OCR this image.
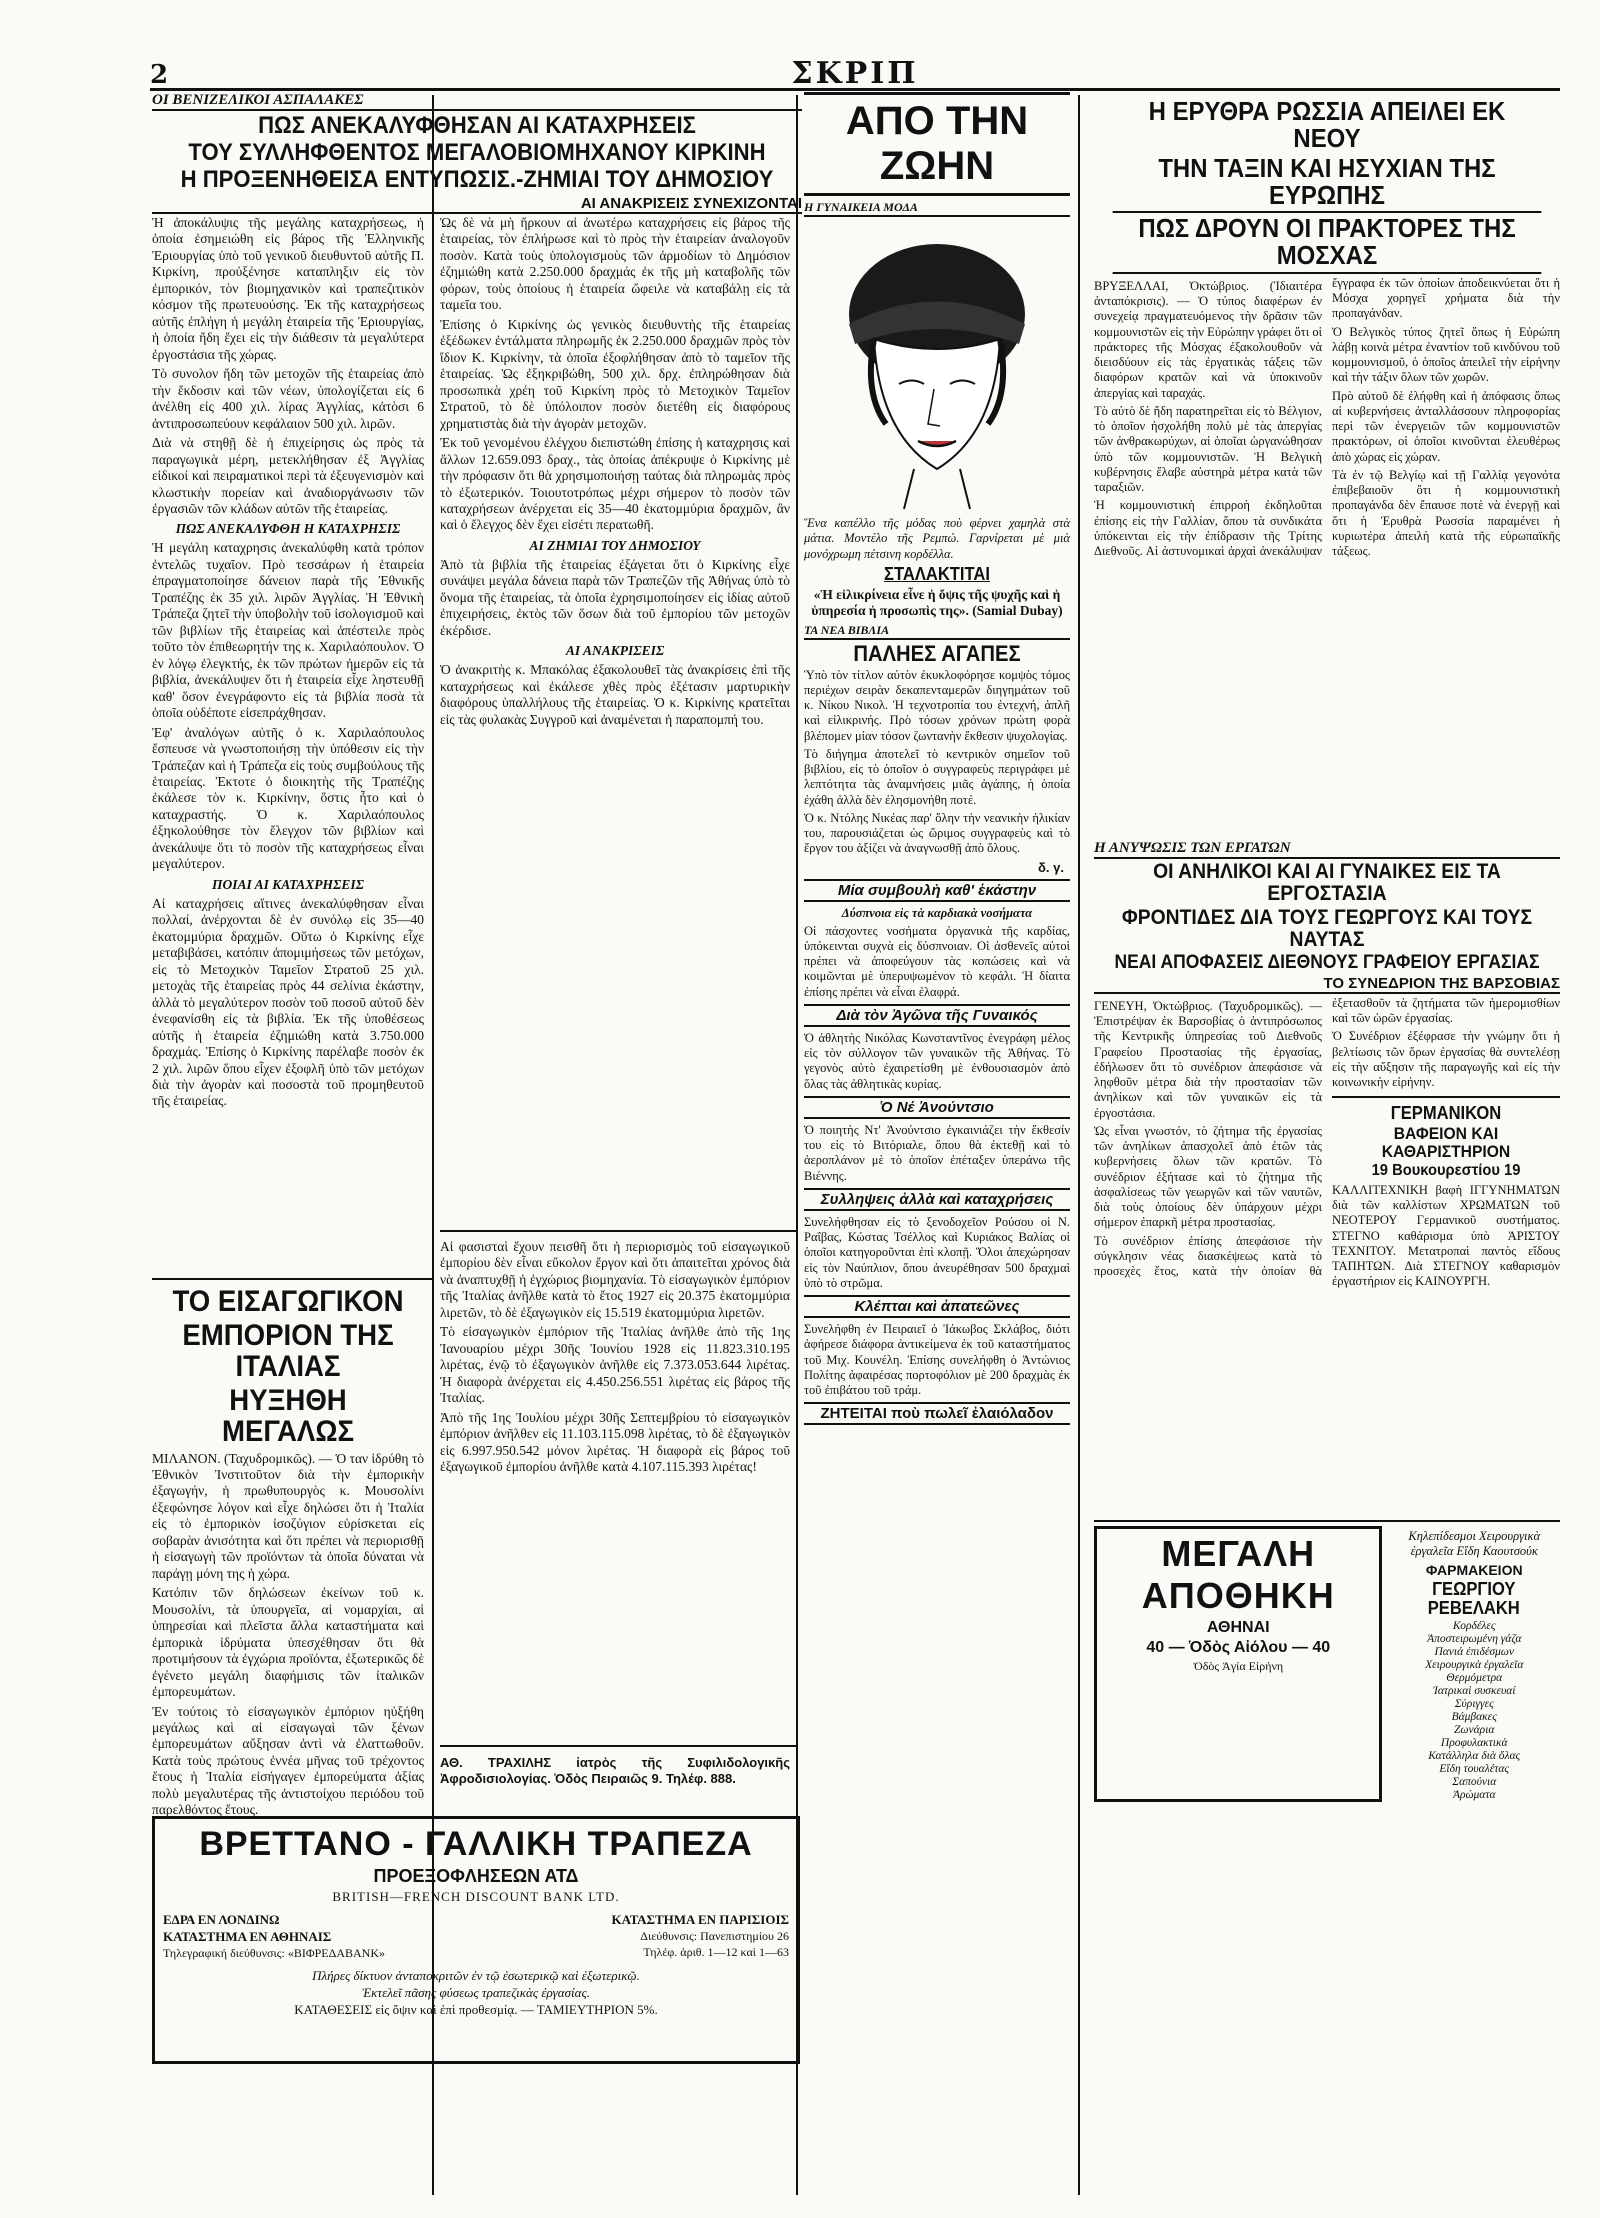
2	ΣΚΡΙΠ
ΟΙ ΒΕΝΙΖΕΛΙΚΟΙ ΑΣΠΑΛΑΚΕΣ
ΠΩΣ ΑΝΕΚΑΛΥΦΘΗΣΑΝ ΑΙ ΚΑΤΑΧΡΗΣΕΙΣ
ΤΟΥ ΣΥΛΛΗΦΘΕΝΤΟΣ ΜΕΓΑΛΟΒΙΟΜΗΧΑΝΟΥ ΚΙΡΚΙΝΗ
Η ΠΡΟΞΕΝΗΘΕΙΣΑ ΕΝΤΥΠΩΣΙΣ.-ΖΗΜΙΑΙ ΤΟΥ ΔΗΜΟΣΙΟΥ
ΑΙ ΑΝΑΚΡΙΣΕΙΣ ΣΥΝΕΧΙΖΟΝΤΑΙ

Ἡ ἀποκάλυψις τῆς μεγάλης καταχρήσεως, ἡ ὁποία ἐσημειώθη εἰς βάρος τῆς Ἑλληνικῆς Ἐριουργίας ὑπὸ τοῦ γενικοῦ διευθυντοῦ αὐτῆς Π. Κιρκίνη, προὐξένησε καταπληξιν εἰς τὸν ἐμπορικόν, τὸν βιομηχανικὸν καὶ τραπεζιτικὸν κόσμον τῆς πρωτευούσης. Ἐκ τῆς καταχρήσεως αὐτῆς ἐπλήγη ἡ μεγάλη ἑταιρεία τῆς Ἐριουργίας, ἡ ὁποία ἤδη ἔχει εἰς τὴν διάθεσιν τὰ μεγαλύτερα ἐργοστάσια τῆς χώρας.

Τὸ συνολον ἤδη τῶν μετοχῶν τῆς ἑταιρείας ἀπὸ τὴν ἔκδοσιν καὶ τῶν νέων, ὑπολογίζεται εἰς 6 ἀνέλθη εἰς 400 χιλ. λίρας Ἀγγλίας, κἀτὸσι 6 ἀντιπροσωπεύουν κεφάλαιον 500 χιλ. λιρῶν.

Διὰ νὰ στηθῇ δὲ ἡ ἐπιχείρησις ὡς πρὸς τὰ παραγωγικὰ μέρη, μετεκλήθησαν ἐξ Ἀγγλίας εἰδικοί καὶ πειραματικοὶ περὶ τὰ ἐξευγενισμὸν καὶ κλωστικὴν πορείαν καὶ ἀναδιοργάνωσιν τῶν ἐργασιῶν τῶν κλάδων αὐτῶν τῆς ἑταιρείας.

ΠΩΣ ΑΝΕΚΑΛΥΦΘΗ Η ΚΑΤΑΧΡΗΣΙΣ

Ἡ μεγάλη καταχρησις ἀνεκαλύφθη κατὰ τρόπον ἐντελῶς τυχαῖον. Πρὸ τεσσάρων ἡ ἑταιρεία ἐπραγματοποίησε δάνειον παρὰ τῆς Ἐθνικῆς Τραπέζης ἐκ 35 χιλ. λιρῶν Ἀγγλίας. Ἡ Ἐθνικὴ Τράπεζα ζητεῖ τὴν ὑποβολὴν τοῦ ἰσολογισμοῦ καὶ τῶν βιβλίων τῆς ἑταιρείας καὶ ἀπέστειλε πρὸς τοῦτο τὸν ἐπιθεωρητήν της κ. Χαριλαόπουλον. Ὁ ἐν λόγῳ ἐλεγκτής, ἐκ τῶν πρώτων ἡμερῶν εἰς τὰ βιβλία, ἀνεκάλυψεν ὅτι ἡ ἑταιρεία εἶχε ληστευθῇ καθ' ὅσον ἐνεγράφοντο εἰς τὰ βιβλία ποσὰ τὰ ὁποῖα οὐδέποτε εἰσεπράχθησαν.

Ἐφ' ἀναλόγων αὐτῆς ὁ κ. Χαριλαόπουλος ἔσπευσε νὰ γνωστοποιήσῃ τὴν ὑπόθεσιν εἰς τὴν Τράπεζαν καὶ ἡ Τράπεζα εἰς τοὺς συμβούλους τῆς ἑταιρείας. Ἐκτοτε ὁ διοικητὴς τῆς Τραπέζης ἐκάλεσε τὸν κ. Κιρκίνην, ὅστις ἦτο καὶ ὁ καταχραστής. Ὁ κ. Χαριλαόπουλος ἐξηκολούθησε τὸν ἔλεγχον τῶν βιβλίων καὶ ἀνεκάλυψε ὅτι τὸ ποσὸν τῆς καταχρήσεως εἶναι μεγαλύτερον.

ΠΟΙΑΙ ΑΙ ΚΑΤΑΧΡΗΣΕΙΣ

Αἱ καταχρήσεις αἵτινες ἀνεκαλύφθησαν εἶναι πολλαί, ἀνέρχονται δὲ ἐν συνόλῳ εἰς 35—40 ἑκατομμύρια δραχμῶν. Οὕτω ὁ Κιρκίνης εἶχε μεταβιβάσει, κατόπιν ἀπομιμήσεως τῶν μετόχων, εἰς τὸ Μετοχικὸν Ταμεῖον Στρατοῦ 25 χιλ. μετοχὰς τῆς ἑταιρείας πρὸς 44 σελίνια ἑκάστην, ἀλλὰ τὸ μεγαλύτερον ποσὸν τοῦ ποσοῦ αὐτοῦ δὲν ἐνεφανίσθη εἰς τὰ βιβλία. Ἐκ τῆς ὑποθέσεως αὐτῆς ἡ ἑταιρεία ἐζημιώθη κατὰ 3.750.000 δραχμάς. Ἐπίσης ὁ Κιρκίνης παρέλαβε ποσὸν ἐκ 2 χιλ. λιρῶν ὅπου εἶχεν ἐξοφλῆ ὑπὸ τῶν μετόχων διὰ τὴν ἀγορὰν καὶ ποσοστὰ τοῦ προμηθευτοῦ τῆς ἑταιρείας.

Ὡς δὲ νὰ μὴ ἤρκουν αἱ ἀνωτέρω καταχρήσεις εἰς βάρος τῆς ἑταιρείας, τὸν ἐπλήρωσε καὶ τὸ πρὸς τὴν ἑταιρείαν ἀναλογοῦν ποσὸν. Κατὰ τοὺς ὑπολογισμοὺς τῶν ἀρμοδίων τὸ Δημόσιον ἐζημιώθη κατὰ 2.250.000 δραχμάς ἐκ τῆς μὴ καταβολῆς τῶν φόρων, τοὺς ὁποίους ἡ ἑταιρεία ὤφειλε νὰ καταβάλῃ εἰς τὰ ταμεῖα του.

Ἐπίσης ὁ Κιρκίνης ὡς γενικὸς διευθυντὴς τῆς ἑταιρείας ἐξέδωκεν ἐντάλματα πληρωμῆς ἐκ 2.250.000 δραχμῶν πρὸς τὸν ἴδιον Κ. Κιρκίνην, τὰ ὁποῖα ἐξοφλήθησαν ἀπὸ τὸ ταμεῖον τῆς ἑταιρείας. Ὡς ἐξηκριβώθη, 500 χιλ. δρχ. ἐπληρώθησαν διὰ προσωπικὰ χρέη τοῦ Κιρκίνη πρὸς τὸ Μετοχικὸν Ταμεῖον Στρατοῦ, τὸ δὲ ὑπόλοιπον ποσὸν διετέθη εἰς διαφόρους χρηματιστὰς διὰ τὴν ἀγορὰν μετοχῶν.

Ἐκ τοῦ γενομένου ἐλέγχου διεπιστώθη ἐπίσης ἡ καταχρησις καὶ ἄλλων 12.659.093 δραχ., τὰς ὁποίας ἀπέκρυψε ὁ Κιρκίνης μὲ τὴν πρόφασιν ὅτι θὰ χρησιμοποιήσῃ ταύτας διὰ πληρωμὰς πρὸς τὸ ἐξωτερικόν. Τοιουτοτρόπως μέχρι σήμερον τὸ ποσὸν τῶν καταχρήσεων ἀνέρχεται εἰς 35—40 ἑκατομμύρια δραχμῶν, ἂν καὶ ὁ ἔλεγχος δὲν ἔχει εἰσέτι περατωθῆ.

ΑΙ ΖΗΜΙΑΙ ΤΟΥ ΔΗΜΟΣΙΟΥ

Ἀπὸ τὰ βιβλία τῆς ἑταιρείας ἐξάγεται ὅτι ὁ Κιρκίνης εἶχε συνάψει μεγάλα δάνεια παρὰ τῶν Τραπεζῶν τῆς Ἀθήνας ὑπὸ τὸ ὄνομα τῆς ἑταιρείας, τὰ ὁποῖα ἐχρησιμοποίησεν εἰς ἰδίας αὐτοῦ ἐπιχειρήσεις, ἐκτὸς τῶν ὅσων διὰ τοῦ ἐμπορίου τῶν μετοχῶν ἐκέρδισε.

ΑΙ ΑΝΑΚΡΙΣΕΙΣ

Ὁ ἀνακριτὴς κ. Μπακόλας ἐξακολουθεῖ τὰς ἀνακρίσεις ἐπὶ τῆς καταχρήσεως καὶ ἐκάλεσε χθὲς πρὸς ἐξέτασιν μαρτυρικὴν διαφόρους ὑπαλλήλους τῆς ἑταιρείας. Ὁ κ. Κιρκίνης κρατεῖται εἰς τὰς φυλακὰς Συγγροῦ καὶ ἀναμένεται ἡ παραπομπή του.

ΤΟ ΕΙΣΑΓΩΓΙΚΟΝ
ΕΜΠΟΡΙΟΝ ΤΗΣ ΙΤΑΛΙΑΣ
ΗΥΞΗΘΗ ΜΕΓΑΛΩΣ

ΜΙΛΑΝΟΝ. (Ταχυδρομικῶς). — Ὁ ταν ἱδρύθη τὸ Ἐθνικὸν Ἰνστιτοῦτον διὰ τὴν ἐμπορικὴν ἐξαγωγήν, ἡ πρωθυπουργὸς κ. Μουσολίνι ἐξεφώνησε λόγον καὶ εἶχε δηλώσει ὅτι ἡ Ἰταλία εἰς τὸ ἐμπορικὸν ἰσοζύγιον εὑρίσκεται εἰς σοβαρὰν ἀνισότητα καὶ ὅτι πρέπει νὰ περιορισθῇ ἡ εἰσαγωγὴ τῶν προϊόντων τὰ ὁποῖα δύναται νὰ παράγῃ μόνη της ἡ χώρα.

Κατόπιν τῶν δηλώσεων ἐκείνων τοῦ κ. Μουσολίνι, τὰ ὑπουργεῖα, αἱ νομαρχίαι, αἱ ὑπηρεσίαι καὶ πλεῖστα ἄλλα καταστήματα καὶ ἐμπορικὰ ἱδρύματα ὑπεσχέθησαν ὅτι θὰ προτιμήσουν τὰ ἐγχώρια προϊόντα, ἐξωτερικῶς δὲ ἐγένετο μεγάλη διαφήμισις τῶν ἰταλικῶν ἐμπορευμάτων.

Ἐν τούτοις τὸ εἰσαγωγικὸν ἐμπόριον ηὐξήθη μεγάλως καὶ αἱ εἰσαγωγαὶ τῶν ξένων ἐμπορευμάτων αὔξησαν ἀντὶ νὰ ἐλαττωθοῦν. Κατὰ τοὺς πρώτους ἐννέα μῆνας τοῦ τρέχοντος ἔτους ἡ Ἰταλία εἰσήγαγεν ἐμπορεύματα ἀξίας πολὺ μεγαλυτέρας τῆς ἀντιστοίχου περιόδου τοῦ παρελθόντος ἔτους.

Αἱ φασισταὶ ἔχουν πεισθῆ ὅτι ἡ περιορισμὸς τοῦ εἰσαγωγικοῦ ἐμπορίου δὲν εἶναι εὔκολον ἔργον καὶ ὅτι ἀπαιτεῖται χρόνος διὰ νὰ ἀναπτυχθῇ ἡ ἐγχώριος βιομηχανία. Τὸ εἰσαγωγικὸν ἐμπόριον τῆς Ἰταλίας ἀνῆλθε κατὰ τὸ ἔτος 1927 εἰς 20.375 ἑκατομμύρια λιρετῶν, τὸ δὲ ἐξαγωγικὸν εἰς 15.519 ἑκατομμύρια λιρετῶν.

Τὸ εἰσαγωγικὸν ἐμπόριον τῆς Ἰταλίας ἀνῆλθε ἀπὸ τῆς 1ης Ἰανουαρίου μέχρι 30ῆς Ἰουνίου 1928 εἰς 11.823.310.195 λιρέτας, ἐνῷ τὸ ἐξαγωγικὸν ἀνῆλθε εἰς 7.373.053.644 λιρέτας. Ἡ διαφορὰ ἀνέρχεται εἰς 4.450.256.551 λιρέτας εἰς βάρος τῆς Ἰταλίας.

Ἀπὸ τῆς 1ης Ἰουλίου μέχρι 30ῆς Σεπτεμβρίου τὸ εἰσαγωγικὸν ἐμπόριον ἀνῆλθεν εἰς 11.103.115.098 λιρέτας, τὸ δὲ ἐξαγωγικὸν εἰς 6.997.950.542 μόνον λιρέτας. Ἡ διαφορὰ εἰς βάρος τοῦ ἐξαγωγικοῦ ἐμπορίου ἀνῆλθε κατὰ 4.107.115.393 λιρέτας!

ΑΘ. ΤΡΑΧΙΛΗΣ ἰατρὸς τῆς Συφιλιδολογικῆς Ἀφροδισιολογίας. Ὁδὸς Πειραιῶς 9. Τηλέφ. 888.

ΒΡΕΤΤΑΝΟ - ΓΑΛΛΙΚΗ ΤΡΑΠΕΖΑ
ΠΡΟΕΞΟΦΛΗΣΕΩΝ ΑΤΔ
BRITISH—FRENCH DISCOUNT BANK LTD.
ΕΔΡΑ ΕΝ ΛΟΝΔΙΝΩ
ΚΑΤΑΣΤΗΜΑ ΕΝ ΑΘΗΝΑΙΣ
Τηλεγραφική διεύθυνσις: «ΒΙΦΡΕΔΑΒΑΝΚ»
ΚΑΤΑΣΤΗΜΑ ΕΝ ΠΑΡΙΣΙΟΙΣ
Διεύθυνσις: Πανεπιστημίου 26
Τηλέφ. ἀριθ. 1—12 καὶ 1—63
Πλήρες δίκτυον ἀνταποκριτῶν ἐν τῷ ἐσωτερικῷ καὶ ἐξωτερικῷ.
Ἐκτελεῖ πᾶσης φύσεως τραπεζικὰς ἐργασίας.
ΚΑΤΑΘΕΣΕΙΣ εἰς ὄψιν καὶ ἐπὶ προθεσμίᾳ. — ΤΑΜΙΕΥΤΗΡΙΟΝ 5%.
ΑΠΟ ΤΗΝ ΖΩΗΝ
Η ΓΥΝΑΙΚΕΙΑ ΜΟΔΑ

Ἕνα καπέλλο τῆς μόδας ποὺ φέρνει χαμηλὰ στὰ μάτια. Μοντέλο τῆς Ρεμπώ. Γαρνίρεται μὲ μιὰ μονόχρωμη πέτσινη κορδέλλα.

ΣΤΑΛΑΚΤΙΤΑΙ

«Ἡ εἰλικρίνεια εἶνε ἡ ὄψις τῆς ψυχῆς καὶ ἡ ὑπηρεσία ἡ προσωπὶς της». (Samial Dubay)

ΤΑ ΝΕΑ ΒΙΒΛΙΑ
ΠΑΛΗΕΣ ΑΓΑΠΕΣ

Ὑπὸ τὸν τίτλον αὐτὸν ἐκυκλοφόρησε κομψὸς τόμος περιέχων σειρὰν δεκαπενταμερῶν διηγημάτων τοῦ κ. Νίκου Νικολ. Ἡ τεχνοτροπία του ἐντεχνή, ἁπλῆ καὶ εἰλικρινής. Πρὸ τόσων χρόνων πρώτη φορὰ βλέπομεν μίαν τόσον ζωντανὴν ἔκθεσιν ψυχολογίας.

Τὸ διήγημα ἀποτελεῖ τὸ κεντρικὸν σημεῖον τοῦ βιβλίου, εἰς τὸ ὁποῖον ὁ συγγραφεὺς περιγράφει μὲ λεπτότητα τὰς ἀναμνήσεις μιᾶς ἀγάπης, ἡ ὁποία ἐχάθη ἀλλὰ δὲν ἐλησμονήθη ποτέ.

Ὁ κ. Ντόλης Νικέας παρ' ὅλην τὴν νεανικὴν ἡλικίαν του, παρουσιάζεται ὡς ὥριμος συγγραφεὺς καὶ τὸ ἔργον του ἀξίζει νὰ ἀναγνωσθῇ ἀπὸ ὅλους.

δ. γ.
Μία συμβουλὴ καθ' ἑκάστην
Δύσπνοια εἰς τὰ καρδιακὰ νοσήματα

Οἱ πάσχοντες νοσήματα ὀργανικὰ τῆς καρδίας, ὑπόκεινται συχνὰ εἰς δύσπνοιαν. Οἱ ἀσθενεῖς αὐτοὶ πρέπει νὰ ἀποφεύγουν τὰς κοπώσεις καὶ νὰ κοιμῶνται μὲ ὑπερυψωμένον τὸ κεφάλι. Ἡ δίαιτα ἐπίσης πρέπει νὰ εἶναι ἐλαφρά.

Διὰ τὸν Ἀγῶνα τῆς Γυναικός

Ὁ ἀθλητὴς Νικόλας Κωνσταντῖνος ἐνεγράφη μέλος εἰς τὸν σύλλογον τῶν γυναικῶν τῆς Ἀθήνας. Τὸ γεγονὸς αὐτὸ ἐχαιρετίσθη μὲ ἐνθουσιασμὸν ἀπὸ ὅλας τὰς ἀθλητικὰς κυρίας.

Ὁ Νέ Ἀνούντσιο

Ὁ ποιητὴς Ντ' Ἀνούντσιο ἐγκαινιάζει τὴν ἔκθεσίν του εἰς τὸ Βιτόριαλε, ὅπου θὰ ἐκτεθῇ καὶ τὸ ἀεροπλάνον μὲ τὸ ὁποῖον ἐπέταξεν ὑπεράνω τῆς Βιέννης.

Συλληψεις ἀλλὰ καὶ καταχρήσεις

Συνελήφθησαν εἰς τὸ ξενοδοχεῖον Ρούσου οἱ Ν. Ραΐβας, Κώστας Τσέλλος καὶ Κυριάκος Βαλίας οἱ ὁποῖοι κατηγοροῦνται ἐπὶ κλοπῇ. Ὅλοι ἀπεχώρησαν εἰς τὸν Ναύπλιον, ὅπου ἀνευρέθησαν 500 δραχμαὶ ὑπὸ τὸ στρῶμα.

Κλέπται καὶ ἀπατεῶνες

Συνελήφθη ἐν Πειραιεῖ ὁ Ἰάκωβος Σκλάβος, διότι ἀφήρεσε διάφορα ἀντικείμενα ἐκ τοῦ καταστήματος τοῦ Μιχ. Κουνέλη. Ἐπίσης συνελήφθη ὁ Ἀντώνιος Πολίτης ἀφαιρέσας πορτοφόλιον μὲ 200 δραχμὰς ἐκ τοῦ ἐπιβάτου τοῦ τράμ.

ΖΗΤΕΙΤΑΙ ποὺ πωλεῖ ἐλαιόλαδον
Η ΕΡΥΘΡΑ ΡΩΣΣΙΑ ΑΠΕΙΛΕΙ ΕΚ ΝΕΟΥ
ΤΗΝ ΤΑΞΙΝ ΚΑΙ ΗΣΥΧΙΑΝ ΤΗΣ ΕΥΡΩΠΗΣ
ΠΩΣ ΔΡΟΥΝ ΟΙ ΠΡΑΚΤΟΡΕΣ ΤΗΣ ΜΟΣΧΑΣ

ΒΡΥΞΕΛΛΑΙ, Ὀκτώβριος. (Ἰδιαιτέρα ἀνταπόκρισις). — Ὁ τύπος διαφέρων ἐν συνεχείᾳ πραγματευόμενος τὴν δρᾶσιν τῶν κομμουνιστῶν εἰς τὴν Εὐρώπην γράφει ὅτι οἱ πράκτορες τῆς Μόσχας ἐξακολουθοῦν νὰ διεισδύουν εἰς τὰς ἐργατικὰς τάξεις τῶν διαφόρων κρατῶν καὶ νὰ ὑποκινοῦν ἀπεργίας καὶ ταραχάς.

Τὸ αὐτὸ δὲ ἤδη παρατηρεῖται εἰς τὸ Βέλγιον, τὸ ὁποῖον ἠσχολήθη πολὺ μὲ τὰς ἀπεργίας τῶν ἀνθρακωρύχων, αἱ ὁποῖαι ὠργανώθησαν ὑπὸ τῶν κομμουνιστῶν. Ἡ Βελγικὴ κυβέρνησις ἔλαβε αὐστηρὰ μέτρα κατὰ τῶν ταραξιῶν.

Ἡ κομμουνιστικὴ ἐπιρροὴ ἐκδηλοῦται ἐπίσης εἰς τὴν Γαλλίαν, ὅπου τὰ συνδικάτα ὑπόκεινται εἰς τὴν ἐπίδρασιν τῆς Τρίτης Διεθνοῦς. Αἱ ἀστυνομικαὶ ἀρχαὶ ἀνεκάλυψαν ἔγγραφα ἐκ τῶν ὁποίων ἀποδεικνύεται ὅτι ἡ Μόσχα χορηγεῖ χρήματα διὰ τὴν προπαγάνδαν.

Ὁ Βελγικὸς τύπος ζητεῖ ὅπως ἡ Εὐρώπη λάβῃ κοινὰ μέτρα ἐναντίον τοῦ κινδύνου τοῦ κομμουνισμοῦ, ὁ ὁποῖος ἀπειλεῖ τὴν εἰρήνην καὶ τὴν τάξιν ὅλων τῶν χωρῶν.

Πρὸ αὐτοῦ δὲ ἐλήφθη καὶ ἡ ἀπόφασις ὅπως αἱ κυβερνήσεις ἀνταλλάσσουν πληροφορίας περὶ τῶν ἐνεργειῶν τῶν κομμουνιστῶν πρακτόρων, οἱ ὁποῖοι κινοῦνται ἐλευθέρως ἀπὸ χώρας εἰς χώραν.

Τὰ ἐν τῷ Βελγίῳ καὶ τῇ Γαλλίᾳ γεγονότα ἐπιβεβαιοῦν ὅτι ἡ κομμουνιστικὴ προπαγάνδα δὲν ἔπαυσε ποτὲ νὰ ἐνεργῇ καὶ ὅτι ἡ Ἐρυθρὰ Ρωσσία παραμένει ἡ κυριωτέρα ἀπειλὴ κατὰ τῆς εὐρωπαϊκῆς τάξεως.

Η ΑΝΥΨΩΣΙΣ ΤΩΝ ΕΡΓΑΤΩΝ
ΟΙ ΑΝΗΛΙΚΟΙ ΚΑΙ ΑΙ ΓΥΝΑΙΚΕΣ ΕΙΣ ΤΑ ΕΡΓΟΣΤΑΣΙΑ
ΦΡΟΝΤΙΔΕΣ ΔΙΑ ΤΟΥΣ ΓΕΩΡΓΟΥΣ ΚΑΙ ΤΟΥΣ ΝΑΥΤΑΣ
ΝΕΑΙ ΑΠΟΦΑΣΕΙΣ ΔΙΕΘΝΟΥΣ ΓΡΑΦΕΙΟΥ ΕΡΓΑΣΙΑΣ
ΤΟ ΣΥΝΕΔΡΙΟΝ ΤΗΣ ΒΑΡΣΟΒΙΑΣ

ΓΕΝΕΥΗ, Ὀκτώβριος. (Ταχυδρομικῶς). — Ἐπιστρέψαν ἐκ Βαρσοβίας ὁ ἀντιπρόσωπος τῆς Κεντρικῆς ὑπηρεσίας τοῦ Διεθνοῦς Γραφείου Προστασίας τῆς ἐργασίας, ἐδήλωσεν ὅτι τὸ συνέδριον ἀπεφάσισε νὰ ληφθοῦν μέτρα διὰ τὴν προστασίαν τῶν ἀνηλίκων καὶ τῶν γυναικῶν εἰς τὰ ἐργοστάσια.

Ὡς εἶναι γνωστόν, τὸ ζήτημα τῆς ἐργασίας τῶν ἀνηλίκων ἀπασχολεῖ ἀπὸ ἐτῶν τὰς κυβερνήσεις ὅλων τῶν κρατῶν. Τὸ συνέδριον ἐξήτασε καὶ τὸ ζήτημα τῆς ἀσφαλίσεως τῶν γεωργῶν καὶ τῶν ναυτῶν, διὰ τοὺς ὁποίους δὲν ὑπάρχουν μέχρι σήμερον ἐπαρκῆ μέτρα προστασίας.

Τὸ συνέδριον ἐπίσης ἀπεφάσισε τὴν σύγκλησιν νέας διασκέψεως κατὰ τὸ προσεχὲς ἔτος, κατὰ τὴν ὁποίαν θὰ ἐξετασθοῦν τὰ ζητήματα τῶν ἡμερομισθίων καὶ τῶν ὡρῶν ἐργασίας.

Ὁ Συνέδριον ἐξέφρασε τὴν γνώμην ὅτι ἡ βελτίωσις τῶν ὅρων ἐργασίας θὰ συντελέσῃ εἰς τὴν αὔξησιν τῆς παραγωγῆς καὶ εἰς τὴν κοινωνικὴν εἰρήνην.

ΓΕΡΜΑΝΙΚΟΝ
ΒΑΦΕΙΟΝ ΚΑΙ ΚΑΘΑΡΙΣΤΗΡΙΟΝ
19 Βουκουρεστίου 19

ΚΑΛΛΙΤΕΧΝΙΚΗ βαφὴ ΙΓΓΥΝΗΜΑΤΩΝ διὰ τῶν καλλίστων ΧΡΩΜΑΤΩΝ τοῦ ΝΕΟΤΕΡΟΥ Γερμανικοῦ συστήματος. ΣΤΕΓΝΟ καθάρισμα ὑπὸ ἈΡΙΣΤΟΥ ΤΕΧΝΙΤΟΥ. Μετατροπαὶ παντὸς εἴδους ΤΑΠΗΤΩΝ. Διὰ ΣΤΕΓΝΟΥ καθαρισμὸν ἐργαστήριον εἰς ΚΑΙΝΟΥΡΓΗ.

ΜΕΓΑΛΗ ΑΠΟΘΗΚΗ
ΑΘΗΝΑΙ
40 — Ὁδὸς Αἰόλου — 40
Ὀδὸς Ἁγία Εἰρήνη

Κηλεπίδεσμοι Χειρουργικὰ ἐργαλεῖα Εἴδη Καουτσούκ

ΦΑΡΜΑΚΕΙΟΝ
ΓΕΩΡΓΙΟΥ ΡΕΒΕΛΑΚΗ
Κορδέλες
Ἀποστειρωμένη γάζα
Πανιά ἐπιδέσμων
Χειρουργικὰ ἐργαλεῖα
Θερμόμετρα
Ἰατρικαὶ συσκευαί
Σύριγγες
Βάμβακες
Ζωνάρια
Προφυλακτικὰ
Κατάλληλα διὰ ὅλας
Εἴδη τουαλέτας
Σαπούνια
Ἀρώματα
